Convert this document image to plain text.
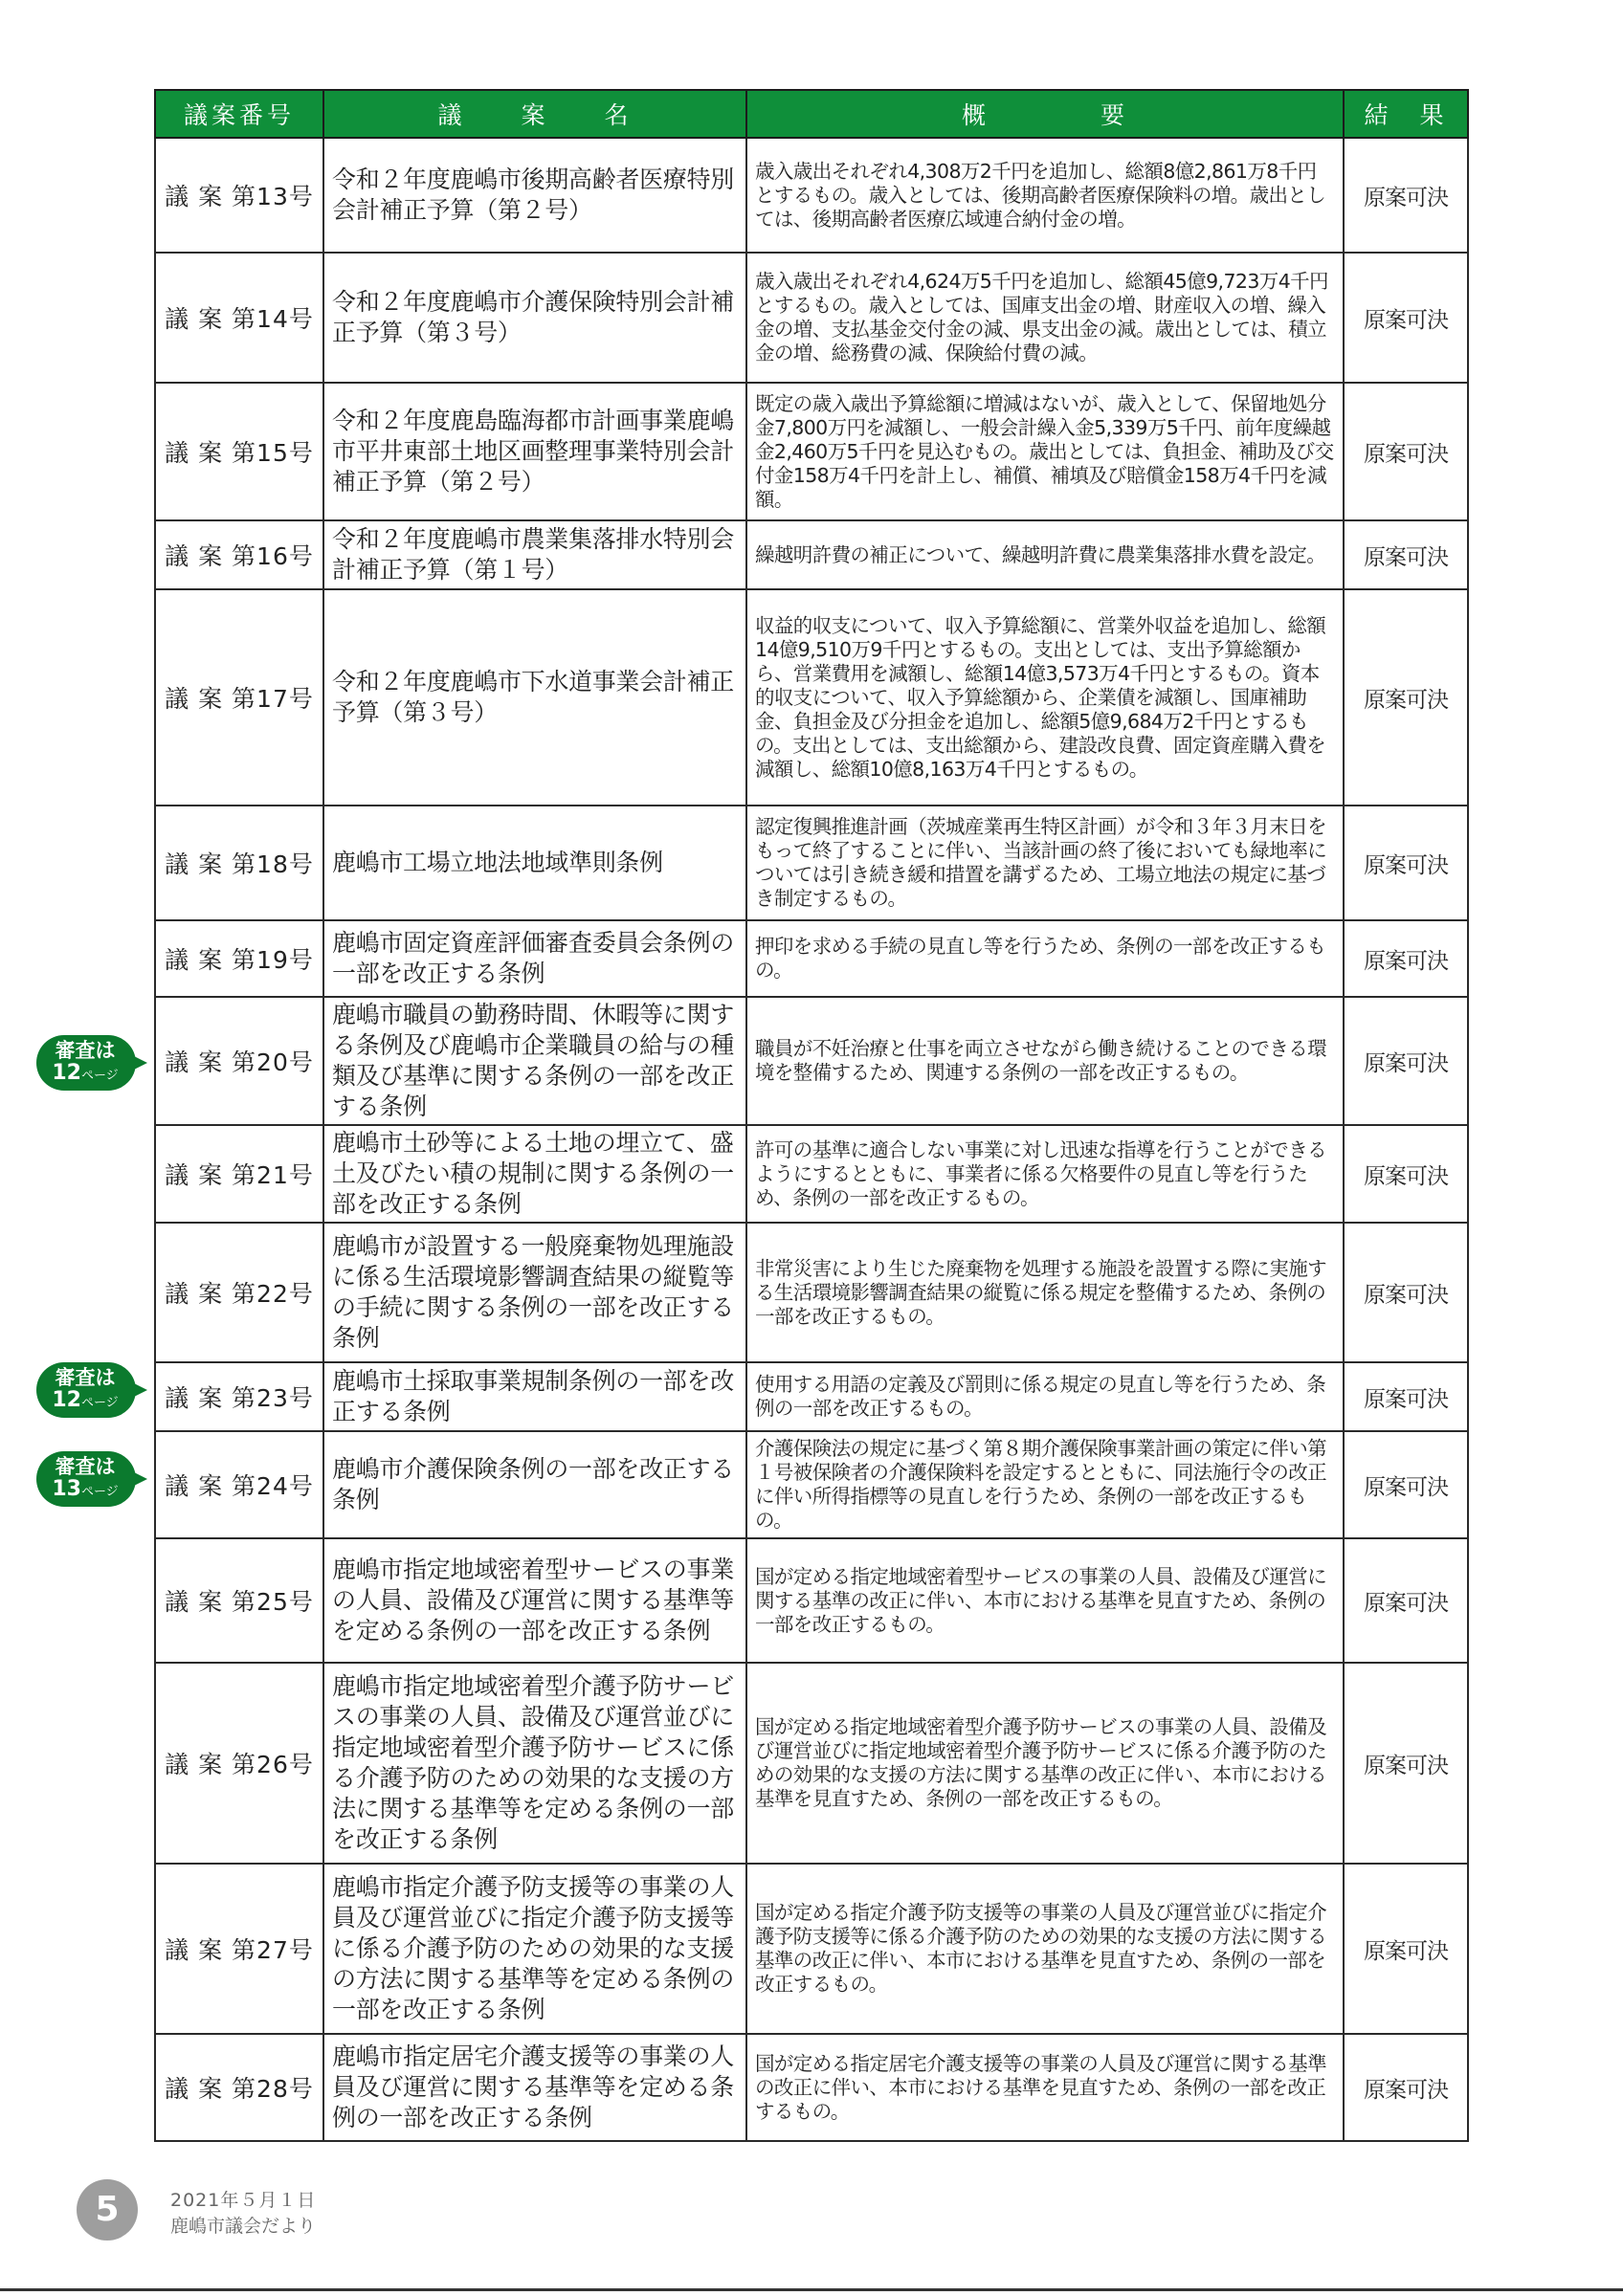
議案番号	議　　案　　名	概　　　　要	結　果
議 案 第13号	令和２年度鹿嶋市後期高齢者医療特別会計補正予算（第２号）	歳入歳出それぞれ4,308万2千円を追加し、総額8億2,861万8千円とするもの。歳入としては、後期高齢者医療保険料の増。歳出としては、後期高齢者医療広域連合納付金の増。	原案可決
議 案 第14号	令和２年度鹿嶋市介護保険特別会計補正予算（第３号）	歳入歳出それぞれ4,624万5千円を追加し、総額45億9,723万4千円とするもの。歳入としては、国庫支出金の増、財産収入の増、繰入金の増、支払基金交付金の減、県支出金の減。歳出としては、積立金の増、総務費の減、保険給付費の減。	原案可決
議 案 第15号	令和２年度鹿島臨海都市計画事業鹿嶋市平井東部土地区画整理事業特別会計補正予算（第２号）	既定の歳入歳出予算総額に増減はないが、歳入として、保留地処分金7,800万円を減額し、一般会計繰入金5,339万5千円、前年度繰越金2,460万5千円を見込むもの。歳出としては、負担金、補助及び交付金158万4千円を計上し、補償、補填及び賠償金158万4千円を減額。	原案可決
議 案 第16号	令和２年度鹿嶋市農業集落排水特別会計補正予算（第１号）	繰越明許費の補正について、繰越明許費に農業集落排水費を設定。	原案可決
議 案 第17号	令和２年度鹿嶋市下水道事業会計補正予算（第３号）	収益的収支について、収入予算総額に、営業外収益を追加し、総額14億9,510万9千円とするもの。支出としては、支出予算総額から、営業費用を減額し、総額14億3,573万4千円とするもの。資本的収支について、収入予算総額から、企業債を減額し、国庫補助金、負担金及び分担金を追加し、総額5億9,684万2千円とするもの。支出としては、支出総額から、建設改良費、固定資産購入費を減額し、総額10億8,163万4千円とするもの。	原案可決
議 案 第18号	鹿嶋市工場立地法地域準則条例	認定復興推進計画（茨城産業再生特区計画）が令和３年３月末日をもって終了することに伴い、当該計画の終了後においても緑地率については引き続き緩和措置を講ずるため、工場立地法の規定に基づき制定するもの。	原案可決
議 案 第19号	鹿嶋市固定資産評価審査委員会条例の一部を改正する条例	押印を求める手続の見直し等を行うため、条例の一部を改正するもの。	原案可決
議 案 第20号	鹿嶋市職員の勤務時間、休暇等に関する条例及び鹿嶋市企業職員の給与の種類及び基準に関する条例の一部を改正する条例	職員が不妊治療と仕事を両立させながら働き続けることのできる環境を整備するため、関連する条例の一部を改正するもの。	原案可決
議 案 第21号	鹿嶋市土砂等による土地の埋立て、盛土及びたい積の規制に関する条例の一部を改正する条例	許可の基準に適合しない事業に対し迅速な指導を行うことができるようにするとともに、事業者に係る欠格要件の見直し等を行うため、条例の一部を改正するもの。	原案可決
議 案 第22号	鹿嶋市が設置する一般廃棄物処理施設に係る生活環境影響調査結果の縦覧等の手続に関する条例の一部を改正する条例	非常災害により生じた廃棄物を処理する施設を設置する際に実施する生活環境影響調査結果の縦覧に係る規定を整備するため、条例の一部を改正するもの。	原案可決
議 案 第23号	鹿嶋市土採取事業規制条例の一部を改正する条例	使用する用語の定義及び罰則に係る規定の見直し等を行うため、条例の一部を改正するもの。	原案可決
議 案 第24号	鹿嶋市介護保険条例の一部を改正する条例	介護保険法の規定に基づく第８期介護保険事業計画の策定に伴い第１号被保険者の介護保険料を設定するとともに、同法施行令の改正に伴い所得指標等の見直しを行うため、条例の一部を改正するもの。	原案可決
議 案 第25号	鹿嶋市指定地域密着型サービスの事業の人員、設備及び運営に関する基準等を定める条例の一部を改正する条例	国が定める指定地域密着型サービスの事業の人員、設備及び運営に関する基準の改正に伴い、本市における基準を見直すため、条例の一部を改正するもの。	原案可決
議 案 第26号	鹿嶋市指定地域密着型介護予防サービスの事業の人員、設備及び運営並びに指定地域密着型介護予防サービスに係る介護予防のための効果的な支援の方法に関する基準等を定める条例の一部を改正する条例	国が定める指定地域密着型介護予防サービスの事業の人員、設備及び運営並びに指定地域密着型介護予防サービスに係る介護予防のための効果的な支援の方法に関する基準の改正に伴い、本市における基準を見直すため、条例の一部を改正するもの。	原案可決
議 案 第27号	鹿嶋市指定介護予防支援等の事業の人員及び運営並びに指定介護予防支援等に係る介護予防のための効果的な支援の方法に関する基準等を定める条例の一部を改正する条例	国が定める指定介護予防支援等の事業の人員及び運営並びに指定介護予防支援等に係る介護予防のための効果的な支援の方法に関する基準の改正に伴い、本市における基準を見直すため、条例の一部を改正するもの。	原案可決
議 案 第28号	鹿嶋市指定居宅介護支援等の事業の人員及び運営に関する基準等を定める条例の一部を改正する条例	国が定める指定居宅介護支援等の事業の人員及び運営に関する基準の改正に伴い、本市における基準を見直すため、条例の一部を改正するもの。	原案可決
審査は
12ページ
審査は
12ページ
審査は
13ページ
5	2021年５月１日
鹿嶋市議会だより
